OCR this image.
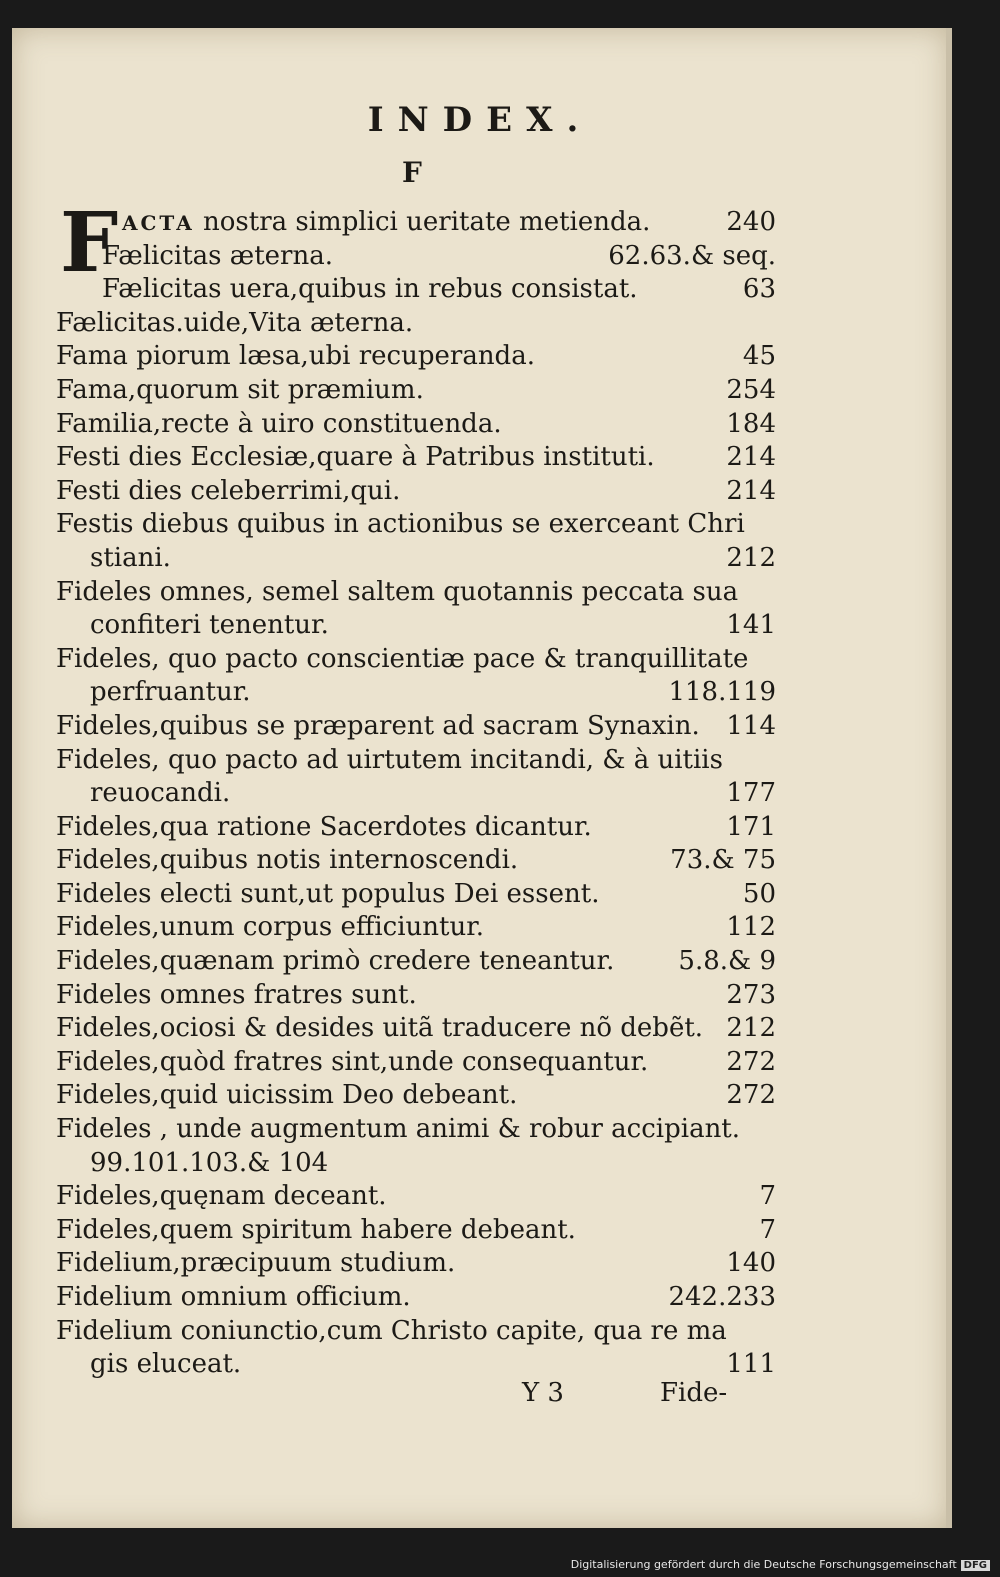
INDEX.
F
F ACTA nostra simplici ueritate metienda.	240
Fælicitas æterna.	62.63.& seq.
Fælicitas uera,quibus in rebus consistat.	63
Fælicitas.uide,Vita æterna.
Fama piorum læsa,ubi recuperanda.	45
Fama,quorum sit præmium.	254
Familia,recte à uiro constituenda.	184
Festi dies Ecclesiæ,quare à Patribus instituti.	214
Festi dies celeberrimi,qui.	214
Festis diebus quibus in actionibus se exerceant Chri
stiani.	212
Fideles omnes, semel saltem quotannis peccata sua
confiteri tenentur.	141
Fideles, quo pacto conscientiæ pace & tranquillitate
perfruantur.	118.119
Fideles,quibus se præparent ad sacram Synaxin. 114
Fideles, quo pacto ad uirtutem incitandi, & à uitiis
reuocandi.	177
Fideles,qua ratione Sacerdotes dicantur.	171
Fideles,quibus notis internoscendi.	73.& 75
Fideles electi sunt,ut populus Dei essent.	50
Fideles,unum corpus efficiuntur.	112
Fideles,quænam primò credere teneantur. 5.8.& 9
Fideles omnes fratres sunt.	273
Fideles,ociosi & desides uitã traducere nõ debẽt. 212
Fideles,quòd fratres sint,unde consequantur.	272
Fideles,quid uicissim Deo debeant.	272
Fideles , unde augmentum animi & robur accipiant.
99.101.103.& 104
Fideles,quęnam deceant.	7
Fideles,quem spiritum habere debeant.	7
Fidelium,præcipuum studium.	140
Fidelium omnium officium.	242.233
Fidelium coniunctio,cum Christo capite, qua re ma
gis eluceat.	111
Y 3	Fide-
Digitalisierung gefördert durch die Deutsche Forschungsgemeinschaft DFG
